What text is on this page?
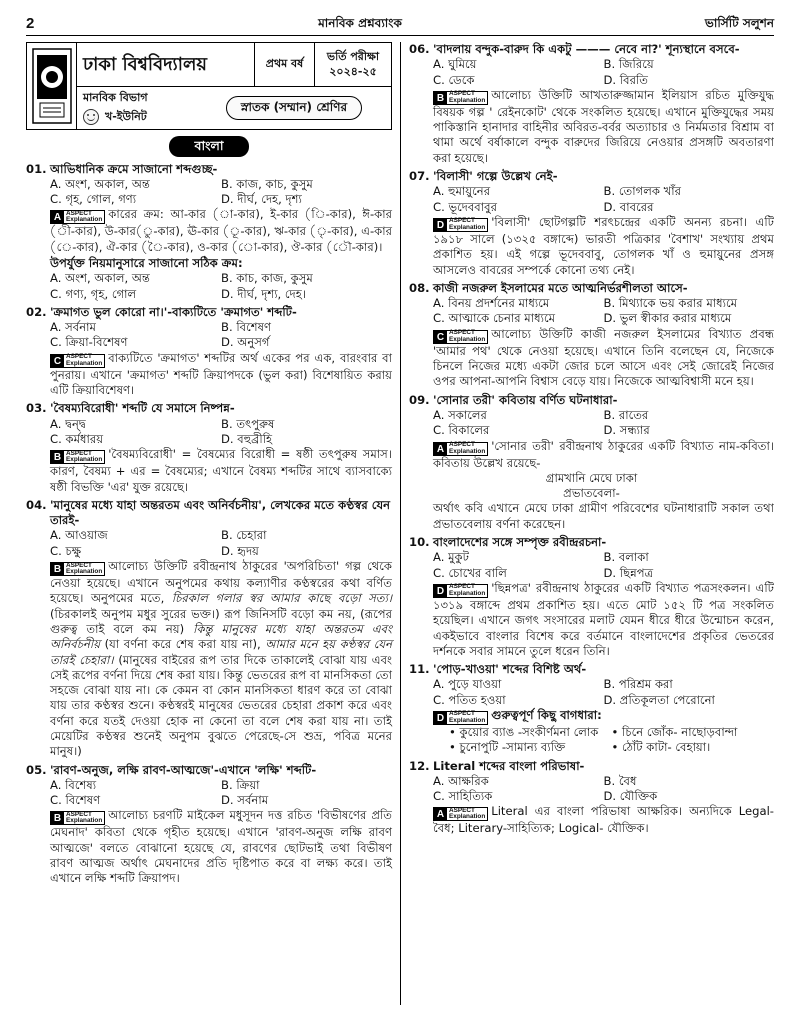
2	মানবিক প্রশ্নব্যাংক	ভার্সিটি সলুশন
ঢাকা বিশ্ববিদ্যালয়	প্রথম বর্ষ
ভর্তি পরীক্ষা
২০২৪-২৫
মানবিক বিভাগ
খ-ইউনিট
স্নাতক (সম্মান) শ্রেণির
বাংলা
01. আভিধানিক ক্রমে সাজানো শব্দগুচ্ছ-
A. অংশ, অকাল, অন্ত	B. কাজ, কাচ, কুসুম
C. গৃহ, গোল, গণ্য	D. দীর্ঘ, দেহ, দৃশ্য
A ASPECT
Explanation কারের ক্রম: আ-কার (া-কার), ই-কার (ি-কার), ঈ-কার (ী-কার), উ-কার(ু-কার), ঊ-কার (ূ-কার), ঋ-কার (ৃ-কার), এ-কার (ে-কার), ঐ-কার (ৈ-কার), ও-কার (ো-কার), ঔ-কার (ৌ-কার)।
উপর্যুক্ত নিয়মানুসারে সাজানো সঠিক ক্রম:
A. অংশ, অকাল, অন্ত	B. কাচ, কাজ, কুসুম
C. গণ্য, গৃহ, গোল	D. দীর্ঘ, দৃশ্য, দেহ।
02. 'ক্রমাগত ভুল কোরো না।'-বাক্যটিতে 'ক্রমাগত' শব্দটি-
A. সর্বনাম	B. বিশেষণ
C. ক্রিয়া-বিশেষণ	D. অনুসর্গ
C ASPECT
Explanation বাক্যটিতে 'ক্রমাগত' শব্দটির অর্থ একের পর এক, বারংবার বা পুনরায়। এখানে 'ক্রমাগত' শব্দটি ক্রিয়াপদকে (ভুল করা) বিশেষায়িত করায় এটি ক্রিয়াবিশেষণ।
03. 'বৈষম্যবিরোধী' শব্দটি যে সমাসে নিষ্পন্ন-
A. দ্বন্দ্ব	B. তৎপুরুষ
C. কর্মধারয়	D. বহুব্রীহি
B ASPECT
Explanation 'বৈষম্যবিরোধী' = বৈষম্যের বিরোধী = ষষ্ঠী তৎপুরুষ সমাস। কারণ, বৈষম্য + এর = বৈষম্যের; এখানে বৈষম্য শব্দটির সাথে ব্যাসবাক্যে ষষ্ঠী বিভক্তি 'এর' যুক্ত রয়েছে।
04. 'মানুষের মধ্যে যাহা অন্তরতম এবং অনির্বচনীয়', লেখকের মতে কণ্ঠস্বর যেন তারই-
A. আওয়াজ	B. চেহারা
C. চক্ষু	D. হৃদয়
B ASPECT
Explanation আলোচ্য উক্তিটি রবীন্দ্রনাথ ঠাকুরের 'অপরিচিতা' গল্প থেকে নেওয়া হয়েছে। এখানে অনুপমের কথায় কল্যাণীর কণ্ঠস্বরের কথা বর্ণিত হয়েছে। অনুপমের মতে, চিরকাল গলার স্বর আমার কাছে বড়ো সত্য। (চিরকালই অনুপম মধুর সুরের ভক্ত।) রূপ জিনিসটি বড়ো কম নয়, (রূপের গুরুত্ব তাই বলে কম নয়) কিন্তু মানুষের মধ্যে যাহা অন্তরতম এবং অনির্বচনীয় (যা বর্ণনা করে শেষ করা যায় না), আমার মনে হয় কণ্ঠস্বর যেন তারই চেহারা। (মানুষের বাইরের রূপ তার দিকে তাকালেই বোঝা যায় এবং সেই রূপের বর্ণনা দিয়ে শেষ করা যায়। কিন্তু ভেতরের রূপ বা মানসিকতা তো সহজে বোঝা যায় না। কে কেমন বা কোন মানসিকতা ধারণ করে তা বোঝা যায় তার কণ্ঠস্বর শুনে। কণ্ঠস্বরই মানুষের ভেতরের চেহারা প্রকাশ করে এবং বর্ণনা করে যতই দেওয়া হোক না কেনো তা বলে শেষ করা যায় না। তাই মেয়েটির কণ্ঠস্বর শুনেই অনুপম বুঝতে পেরেছে-সে শুভ্র, পবিত্র মনের মানুষ।)
05. 'রাবণ-অনুজ, লক্ষি রাবণ-আত্মজে'-এখানে 'লক্ষি' শব্দটি-
A. বিশেষ্য	B. ক্রিয়া
C. বিশেষণ	D. সর্বনাম
B ASPECT
Explanation আলোচ্য চরণটি মাইকেল মধুসূদন দত্ত রচিত 'বিভীষণের প্রতি মেঘনাদ' কবিতা থেকে গৃহীত হয়েছে। এখানে 'রাবণ-অনুজ লক্ষি রাবণ আত্মজে' বলতে বোঝানো হয়েছে যে, রাবণের ছোটভাই তথা বিভীষণ রাবণ আত্মজ অর্থাৎ মেঘনাদের প্রতি দৃষ্টিপাত করে বা লক্ষ্য করে। তাই এখানে লক্ষি শব্দটি ক্রিয়াপদ।
06. 'বাদলায় বন্দুক-বারুদ কি একটু ——— নেবে না?' শূন্যস্থানে বসবে-
A. ঘুমিয়ে	B. জিরিয়ে
C. ডেকে	D. বিরতি
B ASPECT
Explanation আলোচ্য উক্তিটি আখতারুজ্জামান ইলিয়াস রচিত মুক্তিযুদ্ধ বিষয়ক গল্প ' রেইনকোট' থেকে সংকলিত হয়েছে। এখানে মুক্তিযুদ্ধের সময় পাকিস্তানি হানাদার বাহিনীর অবিরত-বর্বর অত্যাচার ও নির্মমতার বিশ্রাম বা থামা অর্থে বর্ষাকালে বন্দুক বারুদের জিরিয়ে নেওয়ার প্রসঙ্গটি অবতারণা করা হয়েছে।
07. 'বিলাসী' গল্পে উল্লেখ নেই-
A. হুমায়ুনের	B. তোগলক খাঁর
C. ভূদেববাবুর	D. বাবরের
D ASPECT
Explanation 'বিলাসী' ছোটগল্পটি শরৎচন্দ্রের একটি অনন্য রচনা। এটি ১৯১৮ সালে (১৩২৫ বঙ্গাব্দে) ভারতী পত্রিকার 'বৈশাখ' সংখ্যায় প্রথম প্রকাশিত হয়। এই গল্পে ভূদেববাবু, তোগলক খাঁ ও হুমায়ুনের প্রসঙ্গ আসলেও বাবরের সম্পর্কে কোনো তথ্য নেই।
08. কাজী নজরুল ইসলামের মতে আত্মনির্ভরশীলতা আসে-
A. বিনয় প্রদর্শনের মাধ্যমে	B. মিথ্যাকে ভয় করার মাধ্যমে
C. আত্মাকে চেনার মাধ্যমে	D. ভুল স্বীকার করার মাধ্যমে
C ASPECT
Explanation আলোচ্য উক্তিটি কাজী নজরুল ইসলামের বিখ্যাত প্রবন্ধ 'আমার পথ' থেকে নেওয়া হয়েছে। এখানে তিনি বলেছেন যে, নিজেকে চিনলে নিজের মধ্যে একটা জোর চলে আসে এবং সেই জোরেই নিজের ওপর আপনা-আপনি বিশ্বাস বেড়ে যায়। নিজেকে আত্মবিশ্বাসী মনে হয়।
09. 'সোনার তরী' কবিতায় বর্ণিত ঘটনাধারা-
A. সকালের	B. রাতের
C. বিকালের	D. সন্ধ্যার
A ASPECT
Explanation 'সোনার তরী' রবীন্দ্রনাথ ঠাকুরের একটি বিখ্যাত নাম-কবিতা। কবিতায় উল্লেখ রয়েছে-
গ্রামখানি মেঘে ঢাকা
প্রভাতবেলা-
অর্থাৎ কবি এখানে মেঘে ঢাকা গ্রামীণ পরিবেশের ঘটনাধারাটি সকাল তথা প্রভাতবেলায় বর্ণনা করেছেন।
10. বাংলাদেশের সঙ্গে সম্পৃক্ত রবীন্দ্ররচনা-
A. মুকুট	B. বলাকা
C. চোখের বালি	D. ছিন্নপত্র
D ASPECT
Explanation 'ছিন্নপত্র' রবীন্দ্রনাথ ঠাকুরের একটি বিখ্যাত পত্রসংকলন। এটি ১৩১৯ বঙ্গাব্দে প্রথম প্রকাশিত হয়। এতে মোট ১৫২ টি পত্র সংকলিত হয়েছিল। এখানে জগৎ সংসারের মলাট যেমন ধীরে ধীরে উন্মোচন করেন, একইভাবে বাংলার বিশেষ করে বর্তমানে বাংলাদেশের প্রকৃতির ভেতরের দর্শনকে সবার সামনে তুলে ধরেন তিনি।
11. 'পোড়-খাওয়া' শব্দের বিশিষ্ট অর্থ-
A. পুড়ে যাওয়া	B. পরিশ্রম করা
C. পতিত হওয়া	D. প্রতিকূলতা পেরোনো
D ASPECT
Explanation গুরুত্বপূর্ণ কিছু বাগধারা:
• কুয়োর ব্যাঙ -সংকীর্ণমনা লোক	• চিনে জোঁক- নাছোড়বান্দা
• চুনোপুটি -সামান্য ব্যক্তি	• ঠোঁট কাটা- বেহায়া।
12. Literal শব্দের বাংলা পরিভাষা-
A. আক্ষরিক	B. বৈধ
C. সাহিত্যিক	D. যৌক্তিক
A ASPECT
Explanation Literal এর বাংলা পরিভাষা আক্ষরিক। অন্যদিকে Legal- বৈধ; Literary-সাহিত্যিক; Logical- যৌক্তিক।
